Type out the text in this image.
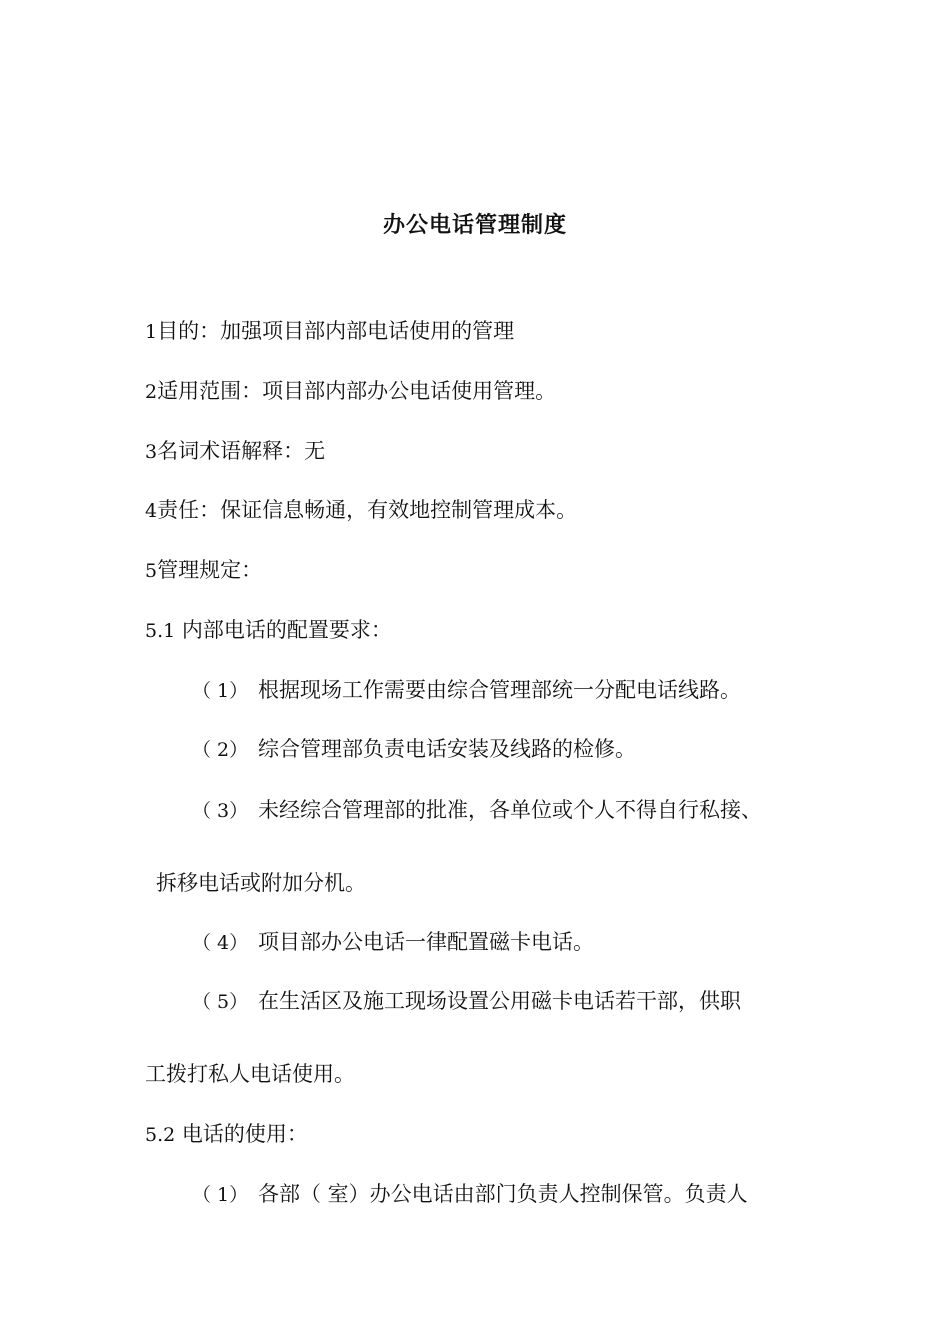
办公电话管理制度
1目的：加强项目部内部电话使用的管理
2适用范围：项目部内部办公电话使用管理。
3名词术语解释：无
4责任：保证信息畅通，有效地控制管理成本。
5管理规定：
5.1 内部电话的配置要求：
（ 1） 根据现场工作需要由综合管理部统一分配电话线路。
（ 2） 综合管理部负责电话安装及线路的检修。
（ 3） 未经综合管理部的批准，各单位或个人不得自行私接、
拆移电话或附加分机。
（ 4） 项目部办公电话一律配置磁卡电话。
（ 5） 在生活区及施工现场设置公用磁卡电话若干部，供职
工拨打私人电话使用。
5.2 电话的使用：
（ 1） 各部（ 室）办公电话由部门负责人控制保管。负责人
